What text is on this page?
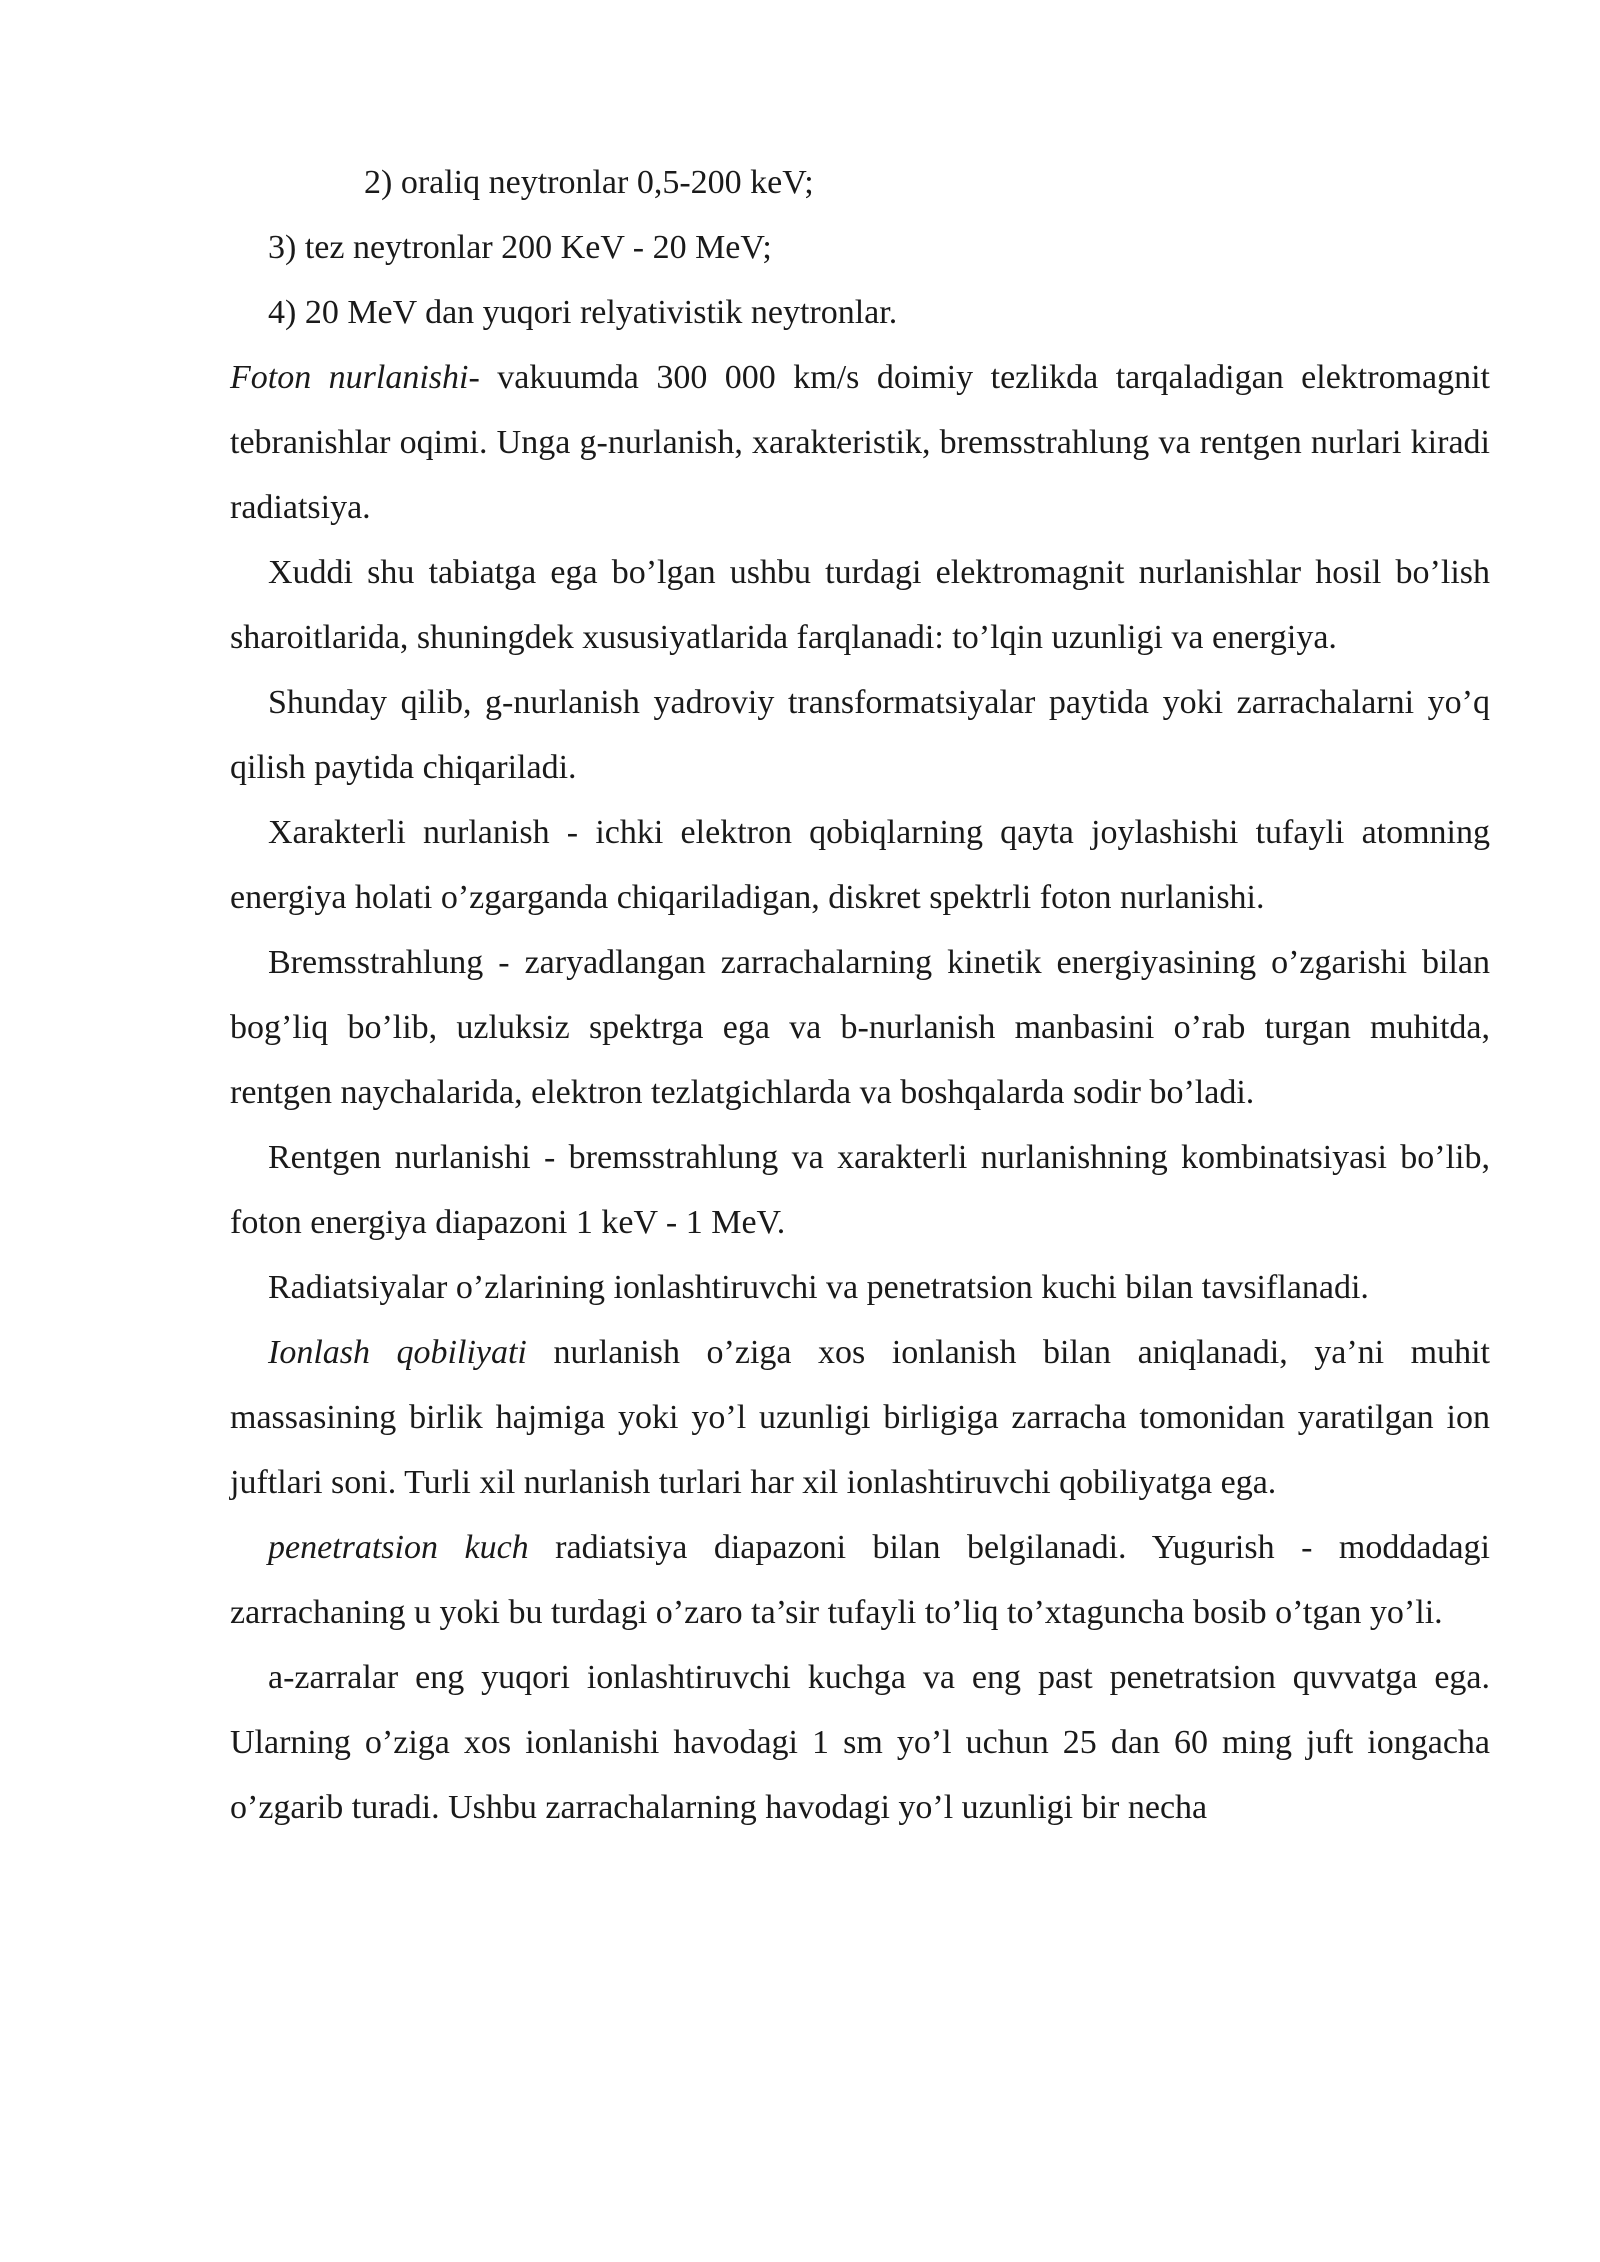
2) oraliq neytronlar 0,5-200 keV;
3) tez neytronlar 200 KeV - 20 MeV;
4) 20 MeV dan yuqori relyativistik neytronlar.

Foton nurlanishi- vakuumda 300 000 km/s doimiy tezlikda tarqaladigan elektromagnit tebranishlar oqimi. Unga g-nurlanish, xarakteristik, bremsstrahlung va rentgen nurlari kiradi radiatsiya.

Xuddi shu tabiatga ega bo’lgan ushbu turdagi elektromagnit nurlanishlar hosil bo’lish sharoitlarida, shuningdek xususiyatlarida farqlanadi: to’lqin uzunligi va energiya.

Shunday qilib, g-nurlanish yadroviy transformatsiyalar paytida yoki zarrachalarni yo’q qilish paytida chiqariladi.

Xarakterli nurlanish - ichki elektron qobiqlarning qayta joylashishi tufayli atomning energiya holati o’zgarganda chiqariladigan, diskret spektrli foton nurlanishi.

Bremsstrahlung - zaryadlangan zarrachalarning kinetik energiyasining o’zgarishi bilan bog’liq bo’lib, uzluksiz spektrga ega va b-nurlanish manbasini o’rab turgan muhitda, rentgen naychalarida, elektron tezlatgichlarda va boshqalarda sodir bo’ladi.

Rentgen nurlanishi - bremsstrahlung va xarakterli nurlanishning kombinatsiyasi bo’lib, foton energiya diapazoni 1 keV - 1 MeV.

Radiatsiyalar o’zlarining ionlashtiruvchi va penetratsion kuchi bilan tavsiflanadi.

Ionlash qobiliyati nurlanish o’ziga xos ionlanish bilan aniqlanadi, ya’ni muhit massasining birlik hajmiga yoki yo’l uzunligi birligiga zarracha tomonidan yaratilgan ion juftlari soni. Turli xil nurlanish turlari har xil ionlashtiruvchi qobiliyatga ega.

penetratsion kuch radiatsiya diapazoni bilan belgilanadi. Yugurish - moddadagi zarrachaning u yoki bu turdagi o’zaro ta’sir tufayli to’liq to’xtaguncha bosib o’tgan yo’li.

a-zarralar eng yuqori ionlashtiruvchi kuchga va eng past penetratsion quvvatga ega. Ularning o’ziga xos ionlanishi havodagi 1 sm yo’l uchun 25 dan 60 ming juft iongacha o’zgarib turadi. Ushbu zarrachalarning havodagi yo’l uzunligi bir necha
